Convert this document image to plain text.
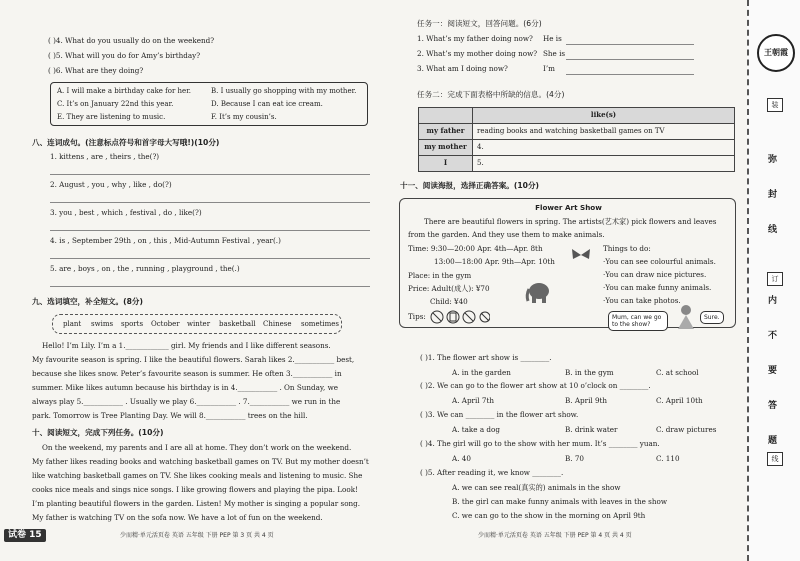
( )4. What do you usually do on the weekend?
( )5. What will you do for Amy’s birthday?
( )6. What are they doing?
A. I will make a birthday cake for her.	B. I usually go shopping with my mother.
C. It’s on January 22nd this year.	D. Because I can eat ice cream.
E. They are listening to music.	F. It’s my cousin’s.
八、连词成句。(注意标点符号和首字母大写哦!)(10分)
1. kittens , are , theirs , the(?)
2. August , you , why , like , do(?)
3. you , best , which , festival , do , like(?)
4. is , September 29th , on , this , Mid-Autumn Festival , year(.)
5. are , boys , on , the , running , playground , the(.)
九、选词填空，补全短文。(8分)
plant swims sports October winter basketball Chinese sometimes
Hello! I’m Lily. I’m a 1.____________ girl. My friends and I like different seasons.
My favourite season is spring. I like the beautiful flowers. Sarah likes 2.___________ best,
because she likes snow. Peter’s favourite season is summer. He often 3.___________ in
summer. Mike likes autumn because his birthday is in 4.___________ . On Sunday, we
always play 5.___________ . Usually we play 6.___________ . 7.___________ we run in the
park. Tomorrow is Tree Planting Day. We will 8.___________ trees on the hill.
十、阅读短文，完成下列任务。(10分)
On the weekend, my parents and I are all at home. They don’t work on the weekend.
My father likes reading books and watching basketball games on TV. But my mother doesn’t
like watching basketball games on TV. She likes cooking meals and listening to music. She
cooks nice meals and sings nice songs. I like growing flowers and playing the pipa. Look!
I’m planting beautiful flowers in the garden. Listen! My mother is singing a popular song.
My father is watching TV on the sofa now. We have a lot of fun on the weekend.
试卷 15	少而精·单元活页卷 英语 五年级 下册 PEP 第 3 页 共 4 页
任务一：阅读短文，回答问题。(6分)
1. What’s my father doing now? He is
2. What’s my mother doing now? She is
3. What am I doing now?	I’m
任务二：完成下面表格中所缺的信息。(4分)
	like(s)
my father	reading books and watching basketball games on TV
my mother	4.
I	5.
十一、阅读海报，选择正确答案。(10分)
Flower Art Show
There are beautiful flowers in spring. The artists(艺术家) pick flowers and leaves
from the garden. And they use them to make animals.
Time: 9:30—20:00 Apr. 4th—Apr. 8th
13:00—18:00 Apr. 9th—Apr. 10th
Place: in the gym
Price: Adult(成人): ¥70
Child: ¥40
Tips:
Things to do:
·You can see colourful animals.
·You can draw nice pictures.
·You can make funny animals.
·You can take photos.
Mum, can we go to the show?
Sure.
( )1. The flower art show is ________.
A. in the garden	B. in the gym	C. at school
( )2. We can go to the flower art show at 10 o’clock on ________.
A. April 7th	B. April 9th	C. April 10th
( )3. We can ________ in the flower art show.
A. take a dog	B. drink water	C. draw pictures
( )4. The girl will go to the show with her mum. It’s ________ yuan.
A. 40	B. 70	C. 110
( )5. After reading it, we know ________.
A. we can see real(真实的) animals in the show
B. the girl can make funny animals with leaves in the show
C. we can go to the show in the morning on April 9th
少而精·单元活页卷 英语 五年级 下册 PEP 第 4 页 共 4 页
王朝霞
装
弥
封
线
订
内
不
要
答
题
线
